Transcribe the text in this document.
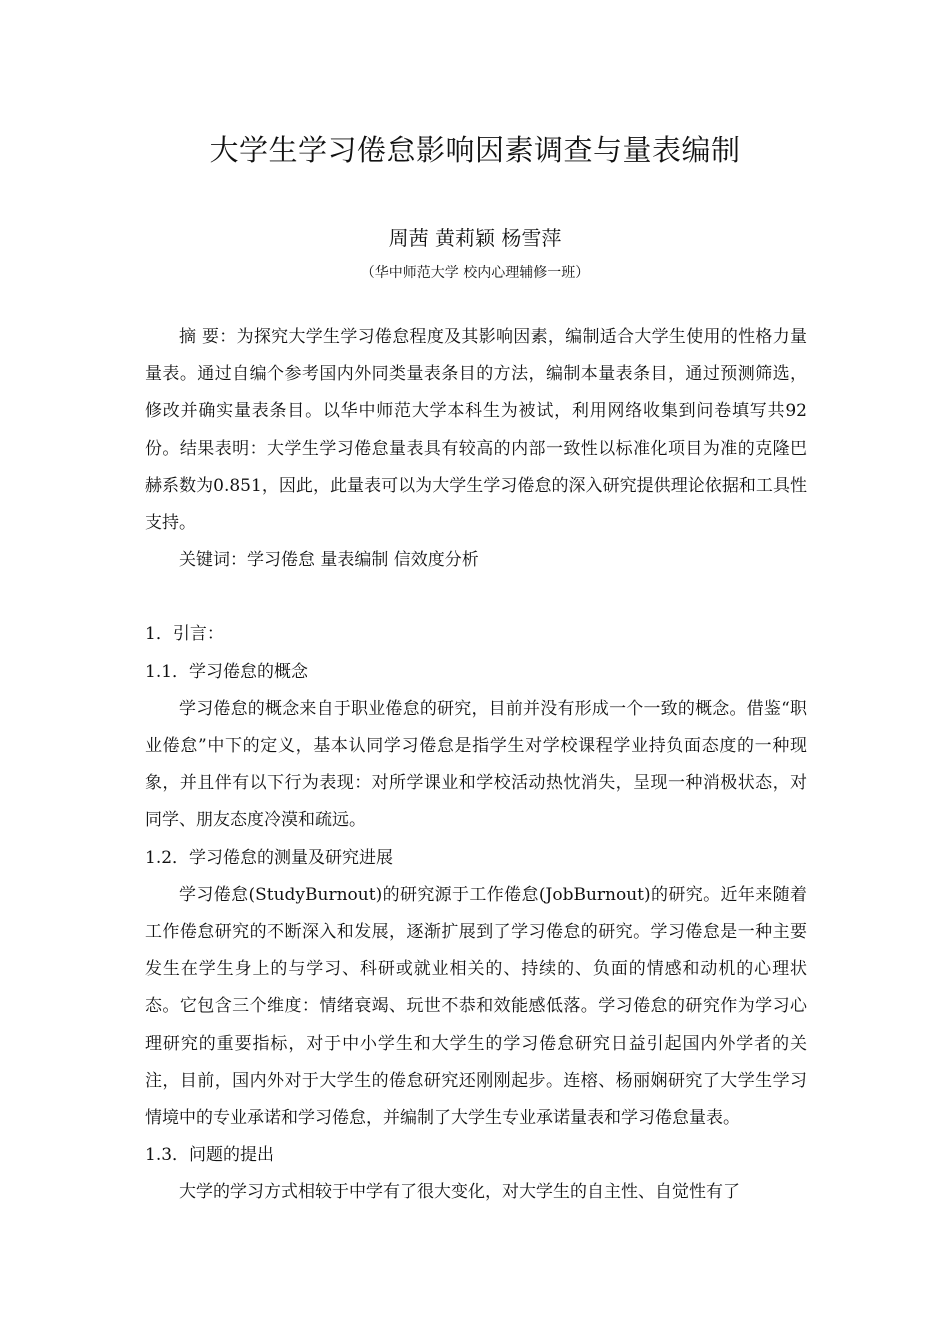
大学生学习倦怠影响因素调查与量表编制
周茜 黄莉颖 杨雪萍
（华中师范大学 校内心理辅修一班）

摘 要：为探究大学生学习倦怠程度及其影响因素，编制适合大学生使用的性格力量量表。通过自编个参考国内外同类量表条目的方法，编制本量表条目，通过预测筛选，修改并确实量表条目。以华中师范大学本科生为被试，利用网络收集到问卷填写共92份。结果表明：大学生学习倦怠量表具有较高的内部一致性以标准化项目为准的克隆巴赫系数为0.851，因此，此量表可以为大学生学习倦怠的深入研究提供理论依据和工具性支持。

关键词：学习倦怠 量表编制 信效度分析

1．引言：

1.1．学习倦怠的概念

学习倦怠的概念来自于职业倦怠的研究，目前并没有形成一个一致的概念。借鉴“职业倦怠”中下的定义，基本认同学习倦怠是指学生对学校课程学业持负面态度的一种现象，并且伴有以下行为表现：对所学课业和学校活动热忱消失，呈现一种消极状态，对同学、朋友态度冷漠和疏远。

1.2．学习倦怠的测量及研究进展

学习倦怠(StudyBurnout)的研究源于工作倦怠(JobBurnout)的研究。近年来随着工作倦怠研究的不断深入和发展，逐渐扩展到了学习倦怠的研究。学习倦怠是一种主要发生在学生身上的与学习、科研或就业相关的、持续的、负面的情感和动机的心理状态。它包含三个维度：情绪衰竭、玩世不恭和效能感低落。学习倦怠的研究作为学习心理研究的重要指标，对于中小学生和大学生的学习倦怠研究日益引起国内外学者的关注，目前，国内外对于大学生的倦怠研究还刚刚起步。连榕、杨丽娴研究了大学生学习情境中的专业承诺和学习倦怠，并编制了大学生专业承诺量表和学习倦怠量表。

1.3．问题的提出

大学的学习方式相较于中学有了很大变化，对大学生的自主性、自觉性有了
